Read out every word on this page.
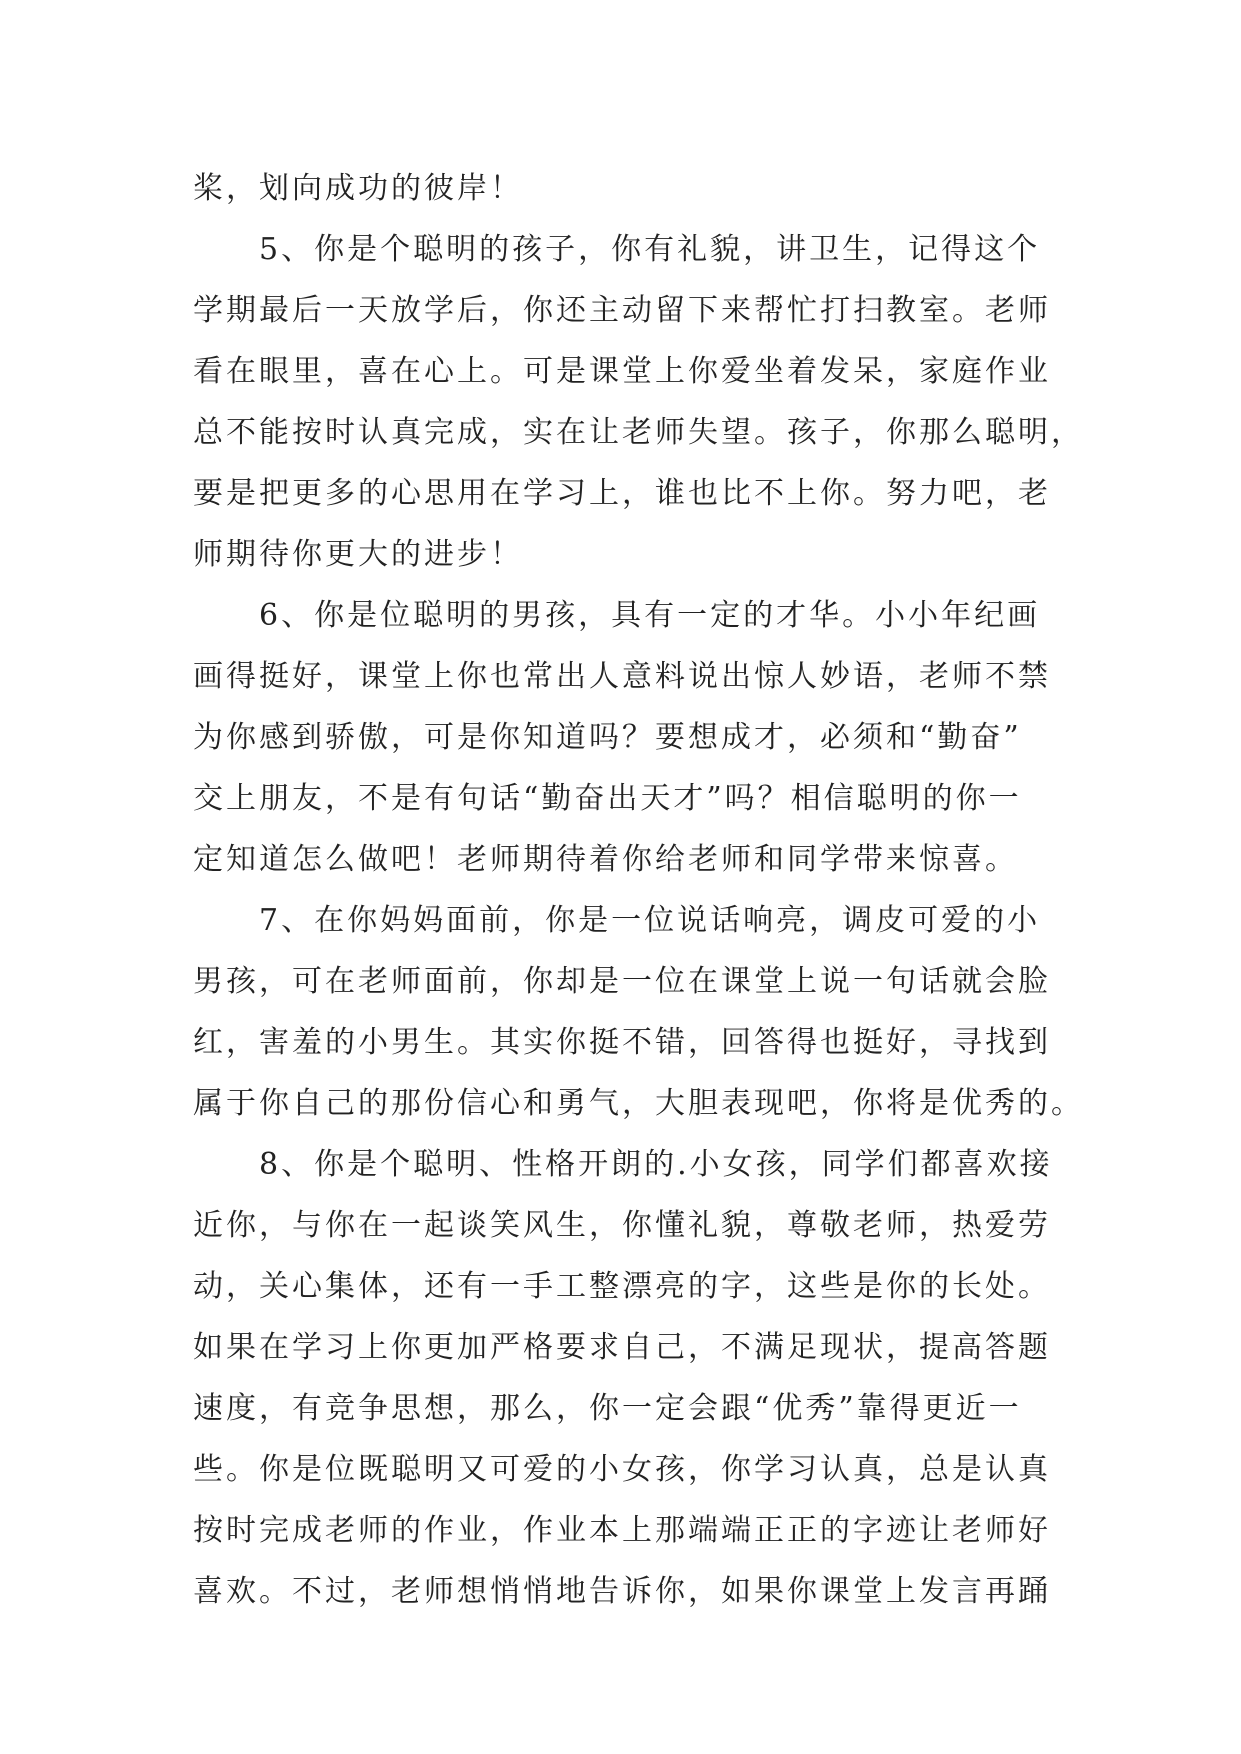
桨，划向成功的彼岸！
　　5、你是个聪明的孩子，你有礼貌，讲卫生，记得这个
学期最后一天放学后，你还主动留下来帮忙打扫教室。老师
看在眼里，喜在心上。可是课堂上你爱坐着发呆，家庭作业
总不能按时认真完成，实在让老师失望。孩子，你那么聪明，
要是把更多的心思用在学习上，谁也比不上你。努力吧，老
师期待你更大的进步！
　　6、你是位聪明的男孩，具有一定的才华。小小年纪画
画得挺好，课堂上你也常出人意料说出惊人妙语，老师不禁
为你感到骄傲，可是你知道吗？要想成才，必须和“勤奋”
交上朋友，不是有句话“勤奋出天才”吗？相信聪明的你一
定知道怎么做吧！老师期待着你给老师和同学带来惊喜。
　　7、在你妈妈面前，你是一位说话响亮，调皮可爱的小
男孩，可在老师面前，你却是一位在课堂上说一句话就会脸
红，害羞的小男生。其实你挺不错，回答得也挺好，寻找到
属于你自己的那份信心和勇气，大胆表现吧，你将是优秀的。
　　8、你是个聪明、性格开朗的.小女孩，同学们都喜欢接
近你，与你在一起谈笑风生，你懂礼貌，尊敬老师，热爱劳
动，关心集体，还有一手工整漂亮的字，这些是你的长处。
如果在学习上你更加严格要求自己，不满足现状，提高答题
速度，有竞争思想，那么，你一定会跟“优秀”靠得更近一
些。你是位既聪明又可爱的小女孩，你学习认真，总是认真
按时完成老师的作业，作业本上那端端正正的字迹让老师好
喜欢。不过，老师想悄悄地告诉你，如果你课堂上发言再踊
